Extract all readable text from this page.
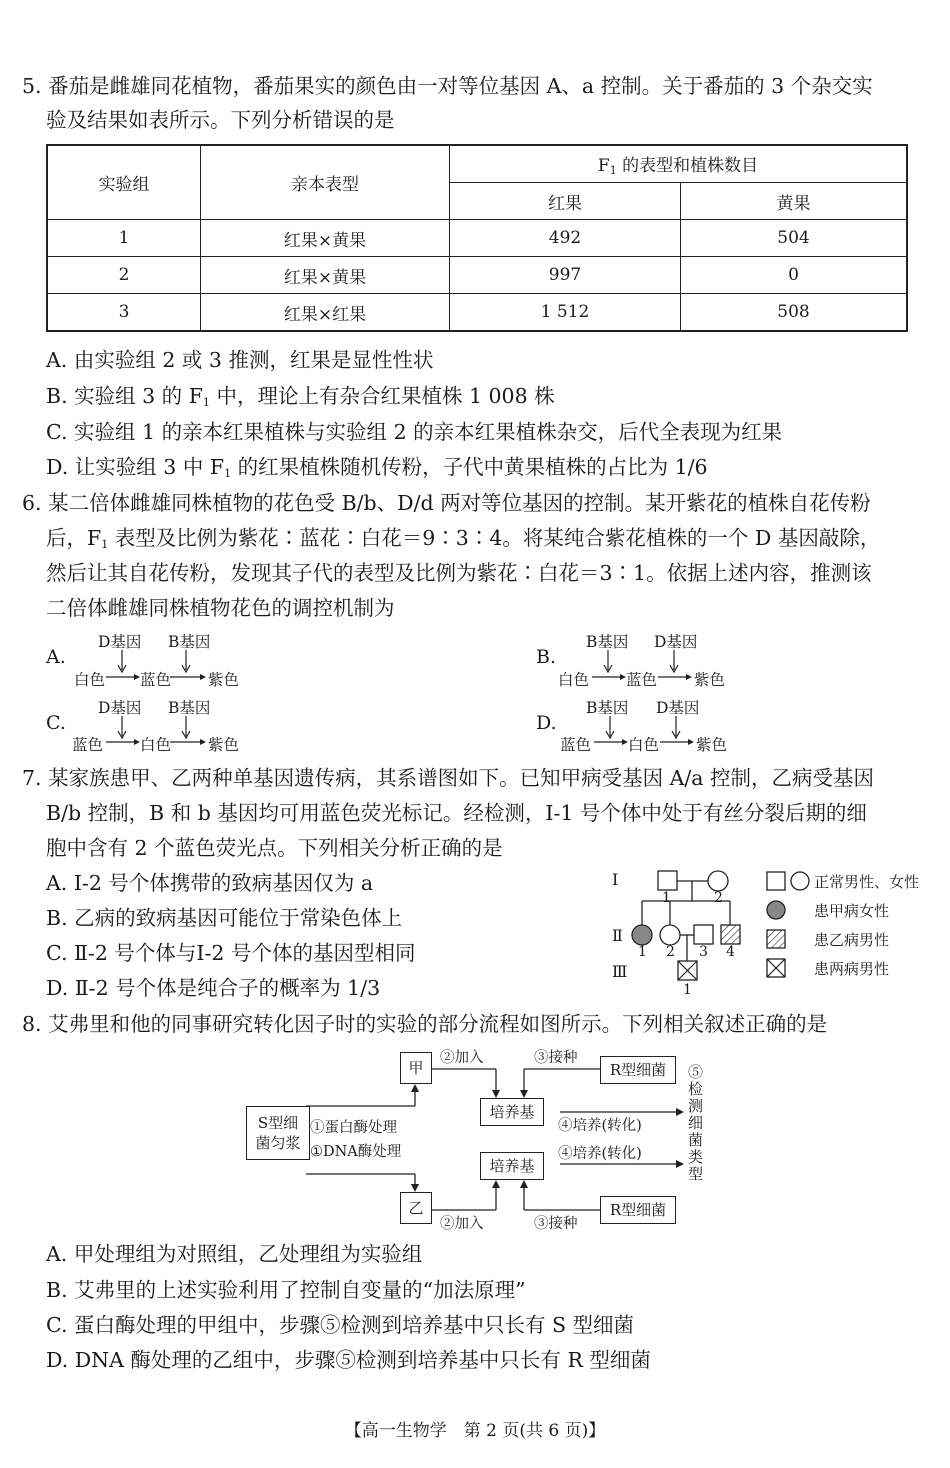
5. 番茄是雌雄同花植物，番茄果实的颜色由一对等位基因 A、a 控制。关于番茄的 3 个杂交实
验及结果如表所示。下列分析错误的是
实验组	亲本表型	$F_1$ 的表型和植株数目	
		红果	黄果
1	红果×黄果	492	504
2	红果×黄果	997	0
3	红果×红果	1 512	508
A. 由实验组 2 或 3 推测，红果是显性性状
B. 实验组 3 的 $F_1$ 中，理论上有杂合红果植株 1 008 株
C. 实验组 1 的亲本红果植株与实验组 2 的亲本红果植株杂交，后代全表现为红果
D. 让实验组 3 中 $F_1$ 的红果植株随机传粉，子代中黄果植株的占比为 1/6
6. 某二倍体雌雄同株植物的花色受 B/b、D/d 两对等位基因的控制。某开紫花的植株自花传粉
后，$F_1$ 表型及比例为紫花∶蓝花∶白花＝9∶3∶4。将某纯合紫花植株的一个 D 基因敲除，
然后让其自花传粉，发现其子代的表型及比例为紫花∶白花＝3∶1。依据上述内容，推测该
二倍体雌雄同株植物花色的调控机制为
A.
D基因 B基因
白色 蓝色 紫色
B.
B基因 D基因
白色 蓝色 紫色
C.
D基因 B基因
蓝色 白色 紫色
D.
B基因 D基因
蓝色 白色 紫色
7. 某家族患甲、乙两种单基因遗传病，其系谱图如下。已知甲病受基因 A/a 控制，乙病受基因
B/b 控制，B 和 b 基因均可用蓝色荧光标记。经检测，Ⅰ-1 号个体中处于有丝分裂后期的细
胞中含有 2 个蓝色荧光点。下列相关分析正确的是
A. Ⅰ-2 号个体携带的致病基因仅为 a
B. 乙病的致病基因可能位于常染色体上
C. Ⅱ-2 号个体与Ⅰ-2 号个体的基因型相同
D. Ⅱ-2 号个体是纯合子的概率为 1/3
Ⅰ
Ⅱ
Ⅲ
1	2
1 2 3 4
1
正常男性、女性
患甲病女性
患乙病男性
患两病男性
8. 艾弗里和他的同事研究转化因子时的实验的部分流程如图所示。下列相关叙述正确的是
S型细
菌匀浆
甲
乙
培养基
培养基
R型细菌
R型细菌
②加入	③接种
①蛋白酶处理
①DNA酶处理
④培养(转化)
④培养(转化)
②加入	③接种
⑤检测细菌类型
A. 甲处理组为对照组，乙处理组为实验组
B. 艾弗里的上述实验利用了控制自变量的“加法原理”
C. 蛋白酶处理的甲组中，步骤⑤检测到培养基中只长有 S 型细菌
D. DNA 酶处理的乙组中，步骤⑤检测到培养基中只长有 R 型细菌
【高一生物学　第 2 页(共 6 页)】
